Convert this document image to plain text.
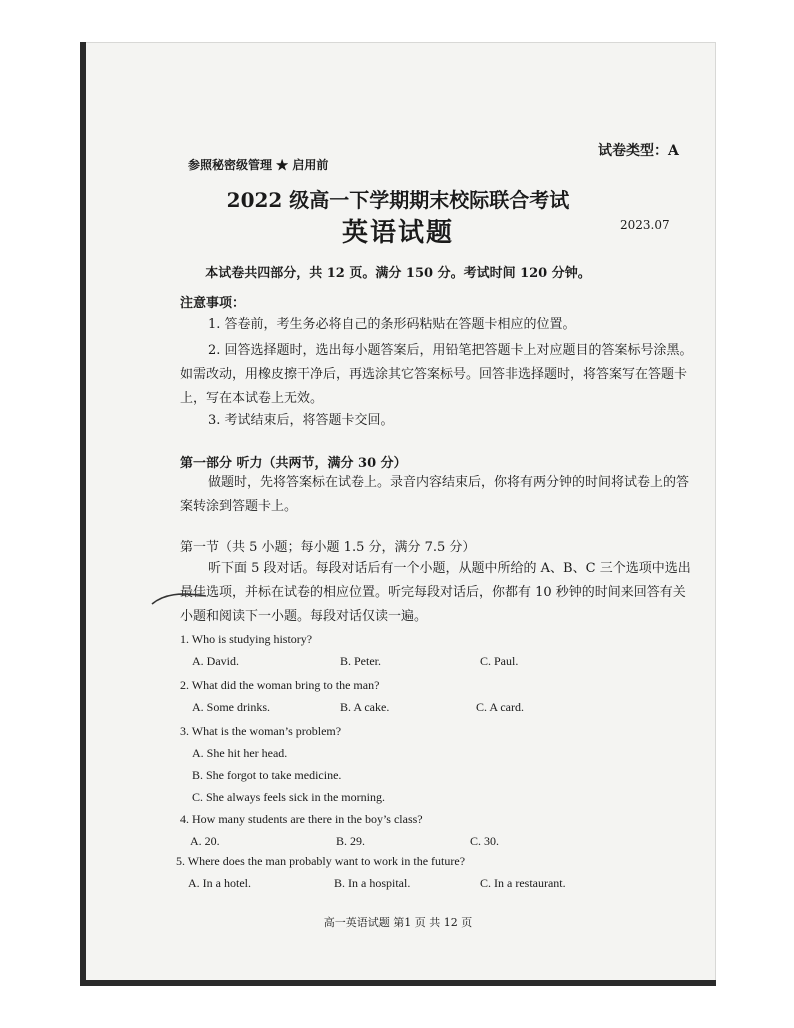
试卷类型：A
参照秘密级管理 ★ 启用前
2022 级高一下学期期末校际联合考试
英语试题	2023.07
本试卷共四部分，共 12 页。满分 150 分。考试时间 120 分钟。
注意事项：
1. 答卷前，考生务必将自己的条形码粘贴在答题卡相应的位置。
2. 回答选择题时，选出每小题答案后，用铅笔把答题卡上对应题目的答案标号涂黑。
如需改动，用橡皮擦干净后，再选涂其它答案标号。回答非选择题时，将答案写在答题卡
上，写在本试卷上无效。
3. 考试结束后，将答题卡交回。
第一部分 听力（共两节，满分 30 分）
做题时，先将答案标在试卷上。录音内容结束后，你将有两分钟的时间将试卷上的答
案转涂到答题卡上。
第一节（共 5 小题；每小题 1.5 分，满分 7.5 分）
听下面 5 段对话。每段对话后有一个小题，从题中所给的 A、B、C 三个选项中选出
最佳选项，并标在试卷的相应位置。听完每段对话后，你都有 10 秒钟的时间来回答有关
小题和阅读下一小题。每段对话仅读一遍。
1. Who is studying history?
A. David.	B. Peter.	C. Paul.
2. What did the woman bring to the man?
A. Some drinks.	B. A cake.	C. A card.
3. What is the woman’s problem?
A. She hit her head.
B. She forgot to take medicine.
C. She always feels sick in the morning.
4. How many students are there in the boy’s class?
A. 20.	B. 29.	C. 30.
5. Where does the man probably want to work in the future?
A. In a hotel.	B. In a hospital.	C. In a restaurant.
高一英语试题 第1 页 共 12 页
